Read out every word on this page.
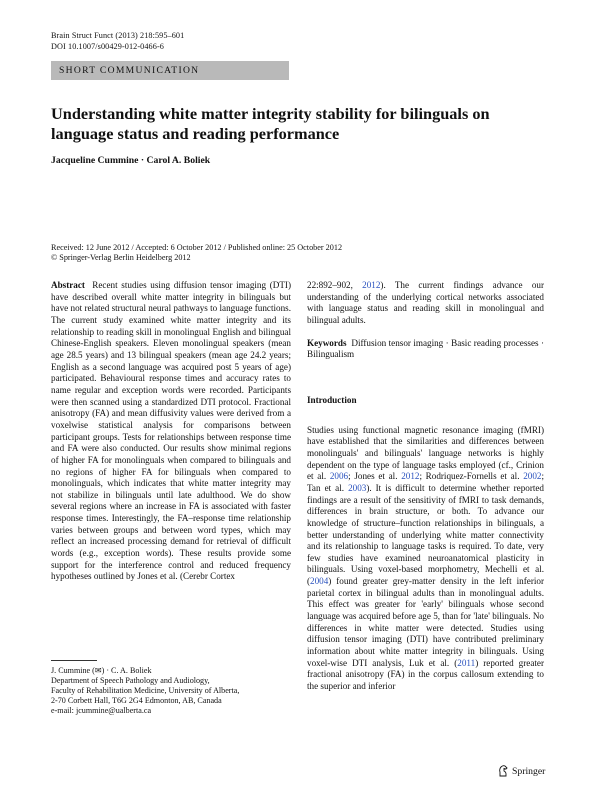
Brain Struct Funct (2013) 218:595–601
DOI 10.1007/s00429-012-0466-6
SHORT COMMUNICATION
Understanding white matter integrity stability for bilinguals on language status and reading performance
Jacqueline Cummine · Carol A. Boliek
Received: 12 June 2012 / Accepted: 6 October 2012 / Published online: 25 October 2012
© Springer-Verlag Berlin Heidelberg 2012

Abstract Recent studies using diffusion tensor imaging (DTI) have described overall white matter integrity in bilinguals but have not related structural neural pathways to language functions. The current study examined white matter integrity and its relationship to reading skill in monolingual English and bilingual Chinese-English speakers. Eleven monolingual speakers (mean age 28.5 years) and 13 bilingual speakers (mean age 24.2 years; English as a second language was acquired post 5 years of age) participated. Behavioural response times and accuracy rates to name regular and exception words were recorded. Participants were then scanned using a standardized DTI protocol. Fractional anisotropy (FA) and mean diffusivity values were derived from a voxelwise statistical analysis for comparisons between participant groups. Tests for relationships between response time and FA were also conducted. Our results show minimal regions of higher FA for monolinguals when compared to bilinguals and no regions of higher FA for bilinguals when compared to monolinguals, which indicates that white matter integrity may not stabilize in bilinguals until late adulthood. We do show several regions where an increase in FA is associated with faster response times. Interestingly, the FA–response time relationship varies between groups and between word types, which may reflect an increased processing demand for retrieval of difficult words (e.g., exception words). These results provide some support for the interference control and reduced frequency hypotheses outlined by Jones et al. (Cerebr Cortex

22:892–902, 2012). The current findings advance our understanding of the underlying cortical networks associated with language status and reading skill in monolingual and bilingual adults.

Keywords Diffusion tensor imaging · Basic reading processes · Bilingualism

Introduction

Studies using functional magnetic resonance imaging (fMRI) have established that the similarities and differences between monolinguals' and bilinguals' language networks is highly dependent on the type of language tasks employed (cf., Crinion et al. 2006; Jones et al. 2012; Rodriquez-Fornells et al. 2002; Tan et al. 2003). It is difficult to determine whether reported findings are a result of the sensitivity of fMRI to task demands, differences in brain structure, or both. To advance our knowledge of structure–function relationships in bilinguals, a better understanding of underlying white matter connectivity and its relationship to language tasks is required. To date, very few studies have examined neuroanatomical plasticity in bilinguals. Using voxel-based morphometry, Mechelli et al. (2004) found greater grey-matter density in the left inferior parietal cortex in bilingual adults than in monolingual adults. This effect was greater for 'early' bilinguals whose second language was acquired before age 5, than for 'late' bilinguals. No differences in white matter were detected. Studies using diffusion tensor imaging (DTI) have contributed preliminary information about white matter integrity in bilinguals. Using voxel-wise DTI analysis, Luk et al. (2011) reported greater fractional anisotropy (FA) in the corpus callosum extending to the superior and inferior

J. Cummine (✉) · C. A. Boliek
Department of Speech Pathology and Audiology,
Faculty of Rehabilitation Medicine, University of Alberta,
2-70 Corbett Hall, T6G 2G4 Edmonton, AB, Canada
e-mail: jcummine@ualberta.ca
Springer
